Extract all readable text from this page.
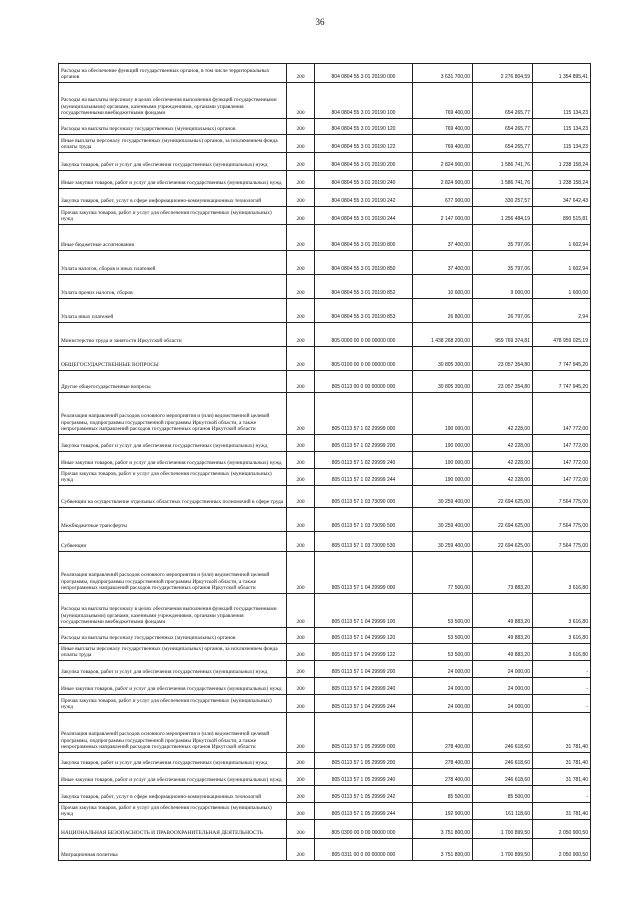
36
Расходы на обеспечение функций государственных органов, в том числе территориальных органов	200	804 0804 55 3 01 20190 000	3 631 700,00	2 276 804,59	1 354 895,41
Расходы на выплаты персоналу в целях обеспечения выполнения функций государственными (муниципальными) органами, казенными учреждениями, органами управления государственными внебюджетными фондами	200	804 0804 55 3 01 20190 100	769 400,00	654 265,77	115 134,23
Расходы на выплаты персоналу государственных (муниципальных) органов	200	804 0804 55 3 01 20190 120	769 400,00	654 265,77	115 134,23
Иные выплаты персоналу государственных (муниципальных) органов, за исключением фонда оплаты труда	200	804 0804 55 3 01 20190 122	769 400,00	654 265,77	115 134,23
Закупка товаров, работ и услуг для обеспечения государственных (муниципальных) нужд	200	804 0804 55 3 01 20190 200	2 824 900,00	1 586 741,76	1 238 158,24
Иные закупки товаров, работ и услуг для обеспечения государственных (муниципальных) нужд	200	804 0804 55 3 01 20190 240	2 824 900,00	1 586 741,76	1 238 158,24
Закупка товаров, работ, услуг в сфере информационно-коммуникационных технологий	200	804 0804 55 3 01 20190 242	677 900,00	330 257,57	347 642,43
Прочая закупка товаров, работ и услуг для обеспечения государственных (муниципальных) нужд	200	804 0804 55 3 01 20190 244	2 147 000,00	1 256 484,19	890 515,81
Иные бюджетные ассигнования	200	804 0804 55 3 01 20190 800	37 400,00	35 797,06	1 602,94
Уплата налогов, сборов и иных платежей	200	804 0804 55 3 01 20190 850	37 400,00	35 797,06	1 602,94
Уплата прочих налогов, сборов	200	804 0804 55 3 01 20190 852	10 600,00	9 000,00	1 600,00
Уплата иных платежей	200	804 0804 55 3 01 20190 853	26 800,00	26 797,06	2,94
Министерство труда и занятости Иркутской области	200	805 0000 00 0 00 00000 000	1 438 268 200,00	959 769 374,81	478 959 025,19
ОБЩЕГОСУДАРСТВЕННЫЕ ВОПРОСЫ	200	805 0100 00 0 00 00000 000	30 805 300,00	23 057 354,80	7 747 945,20
Другие общегосударственные вопросы	200	805 0113 00 0 00 00000 000	30 805 300,00	23 057 354,80	7 747 945,20
Реализация направлений расходов основного мероприятия и (или) ведомственной целевой программы, подпрограммы государственной программы Иркутской области, а также непрограммных направлений расходов государственных органов Иркутской области	200	805 0113 57 1 02 29999 000	190 000,00	42 228,00	147 772,00
Закупка товаров, работ и услуг для обеспечения государственных (муниципальных) нужд	200	805 0113 57 1 02 29999 200	190 000,00	42 228,00	147 772,00
Иные закупки товаров, работ и услуг для обеспечения государственных (муниципальных) нужд	200	805 0113 57 1 02 29999 240	190 000,00	42 228,00	147 772,00
Прочая закупка товаров, работ и услуг для обеспечения государственных (муниципальных) нужд	200	805 0113 57 1 02 29999 244	190 000,00	42 228,00	147 772,00
Субвенции на осуществление отдельных областных государственных полномочий в сфере труда	200	805 0113 57 1 03 73090 000	30 259 400,00	22 694 625,00	7 564 775,00
Межбюджетные трансферты	200	805 0113 57 1 03 73090 500	30 259 400,00	22 694 625,00	7 564 775,00
Субвенции	200	805 0113 57 1 03 73090 530	30 259 400,00	22 694 625,00	7 564 775,00
Реализация направлений расходов основного мероприятия и (или) ведомственной целевой программы, подпрограммы государственной программы Иркутской области, а также непрограммных направлений расходов государственных органов Иркутской области	200	805 0113 57 1 04 29999 000	77 500,00	73 883,20	3 616,80
Расходы на выплаты персоналу в целях обеспечения выполнения функций государственными (муниципальными) органами, казенными учреждениями, органами управления государственными внебюджетными фондами	200	805 0113 57 1 04 29999 100	53 500,00	49 883,20	3 616,80
Расходы на выплаты персоналу государственных (муниципальных) органов	200	805 0113 57 1 04 29999 120	53 500,00	49 883,20	3 616,80
Иные выплаты персоналу государственных (муниципальных) органов, за исключением фонда оплаты труда	200	805 0113 57 1 04 29999 122	53 500,00	49 883,20	3 616,80
Закупка товаров, работ и услуг для обеспечения государственных (муниципальных) нужд	200	805 0113 57 1 04 29999 200	24 000,00	24 000,00	-
Иные закупки товаров, работ и услуг для обеспечения государственных (муниципальных) нужд	200	805 0113 57 1 04 29999 240	24 000,00	24 000,00	-
Прочая закупка товаров, работ и услуг для обеспечения государственных (муниципальных) нужд	200	805 0113 57 1 04 29999 244	24 000,00	24 000,00	-
Реализация направлений расходов основного мероприятия и (или) ведомственной целевой программы, подпрограммы государственной программы Иркутской области, а также непрограммных направлений расходов государственных органов Иркутской области	200	805 0113 57 1 05 29999 000	278 400,00	246 618,60	31 781,40
Закупка товаров, работ и услуг для обеспечения государственных (муниципальных) нужд	200	805 0113 57 1 05 29999 200	278 400,00	246 618,60	31 781,40
Иные закупки товаров, работ и услуг для обеспечения государственных (муниципальных) нужд	200	805 0113 57 1 05 29999 240	278 400,00	246 618,60	31 781,40
Закупка товаров, работ, услуг в сфере информационно-коммуникационных технологий	200	805 0113 57 1 05 29999 242	85 500,00	85 500,00	-
Прочая закупка товаров, работ и услуг для обеспечения государственных (муниципальных) нужд	200	805 0113 57 1 05 29999 244	192 900,00	161 118,60	31 781,40
НАЦИОНАЛЬНАЯ БЕЗОПАСНОСТЬ И ПРАВООХРАНИТЕЛЬНАЯ ДЕЯТЕЛЬНОСТЬ	200	805 0300 00 0 00 00000 000	3 751 800,00	1 700 899,50	2 050 900,50
Миграционная политика	200	805 0311 00 0 00 00000 000	3 751 800,00	1 700 899,50	2 050 900,50
